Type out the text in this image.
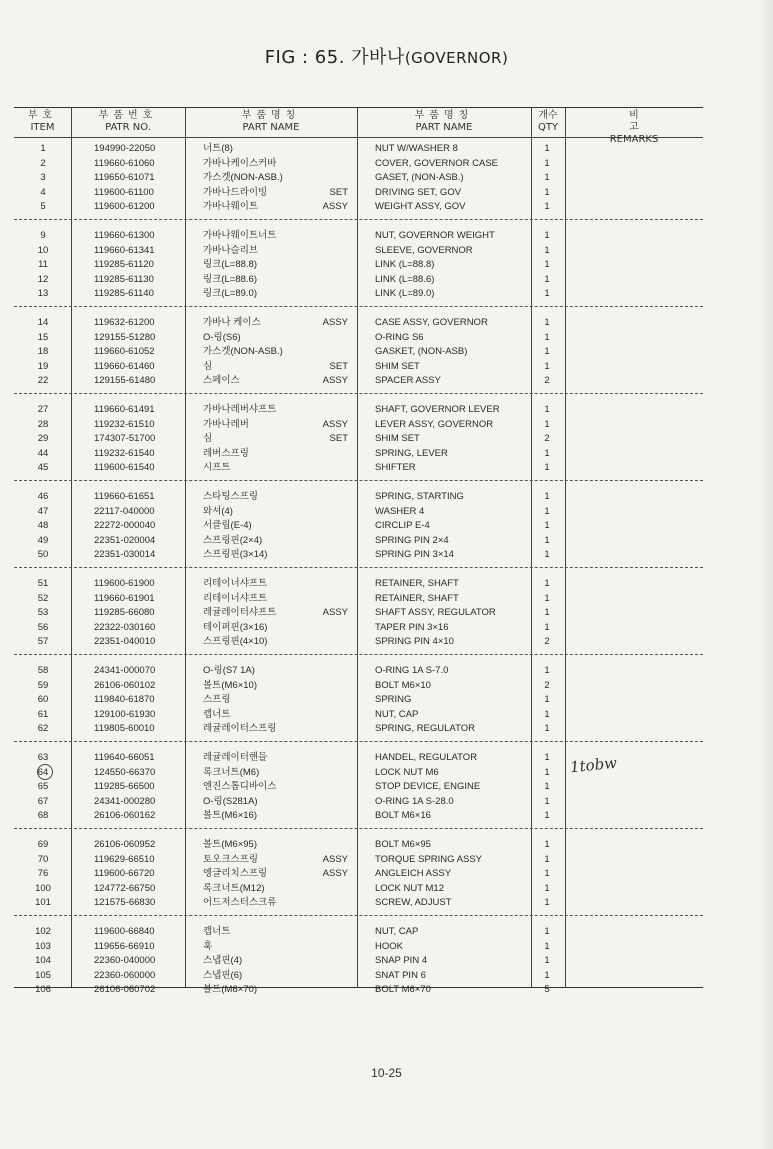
FIG : 65. 가바나(GOVERNOR)
부호
ITEM
부품번호
PATR NO.
부품명칭
PART NAME
부품명칭
PART NAME
개수
QTY
비고
REMARKS
1	194990-22050	너트(8)	NUT W/WASHER 8	1
2	119660-61060	가바나케이스커바	COVER, GOVERNOR CASE	1
3	119650-61071	가스겟(NON-ASB.)	GASET, (NON-ASB.)	1
4	119600-61100	가바나드라이빙	SET	DRIVING SET, GOV	1
5	119600-61200	가바나웨이트	ASSY	WEIGHT ASSY, GOV	1
9	119660-61300	가바나웨이트너트	NUT, GOVERNOR WEIGHT	1
10	119660-61341	가바나슬리브	SLEEVE, GOVERNOR	1
11	119285-61120	링크(L=88.8)	LINK (L=88.8)	1
12	119285-61130	링크(L=88.6)	LINK (L=88.6)	1
13	119285-61140	링크(L=89.0)	LINK (L=89.0)	1
14	119632-61200	가바나 케이스	ASSY	CASE ASSY, GOVERNOR	1
15	129155-51280	O-링(S6)	O-RING S6	1
18	119660-61052	가스겟(NON-ASB.)	GASKET, (NON-ASB)	1
19	119660-61460	심	SET	SHIM SET	1
22	129155-61480	스페이스	ASSY	SPACER ASSY	2
27	119660-61491	가바나레버샤프트	SHAFT, GOVERNOR LEVER	1
28	119232-61510	가바나레버	ASSY	LEVER ASSY, GOVERNOR	1
29	174307-51700	심	SET	SHIM SET	2
44	119232-61540	레버스프링	SPRING, LEVER	1
45	119600-61540	시프트	SHIFTER	1
46	119660-61651	스타팅스프링	SPRING, STARTING	1
47	22117-040000	와셔(4)	WASHER 4	1
48	22272-000040	서클립(E-4)	CIRCLIP E-4	1
49	22351-020004	스프링핀(2×4)	SPRING PIN 2×4	1
50	22351-030014	스프링핀(3×14)	SPRING PIN 3×14	1
51	119600-61900	리테이너샤프트	RETAINER, SHAFT	1
52	119660-61901	리테이너샤프트	RETAINER, SHAFT	1
53	119285-66080	레귤레이터샤프트	ASSY	SHAFT ASSY, REGULATOR	1
56	22322-030160	테이퍼핀(3×16)	TAPER PIN 3×16	1
57	22351-040010	스프링핀(4×10)	SPRING PIN 4×10	2
58	24341-000070	O-링(S7 1A)	O-RING 1A S-7.0	1
59	26106-060102	볼트(M6×10)	BOLT M6×10	2
60	119840-61870	스프링	SPRING	1
61	129100-61930	캡너트	NUT, CAP	1
62	119805-60010	레귤레이터스프링	SPRING, REGULATOR	1
63	119640-66051	레귤레이터핸들	HANDEL, REGULATOR	1
64	124550-66370	록크너트(M6)	LOCK NUT M6	1
65	119285-66500	엔진스톱디바이스	STOP DEVICE, ENGINE	1
67	24341-000280	O-링(S281A)	O-RING 1A S-28.0	1
68	26106-060162	볼트(M6×16)	BOLT M6×16	1
69	26106-060952	볼트(M6×95)	BOLT M6×95	1
70	119629-66510	토오크스프링	ASSY	TORQUE SPRING ASSY	1
76	119600-66720	엥글리치스프링	ASSY	ANGLEICH ASSY	1
100	124772-66750	록크너트(M12)	LOCK NUT M12	1
101	121575-66830	어드저스터스크류	SCREW, ADJUST	1
102	119600-66840	캡너트	NUT, CAP	1
103	119656-66910	훅	HOOK	1
104	22360-040000	스냅핀(4)	SNAP PIN 4	1
105	22360-060000	스냅핀(6)	SNAT PIN 6	1
106	26106-060702	볼트(M6×70)	BOLT M6×70	5
1tobw
10-25
